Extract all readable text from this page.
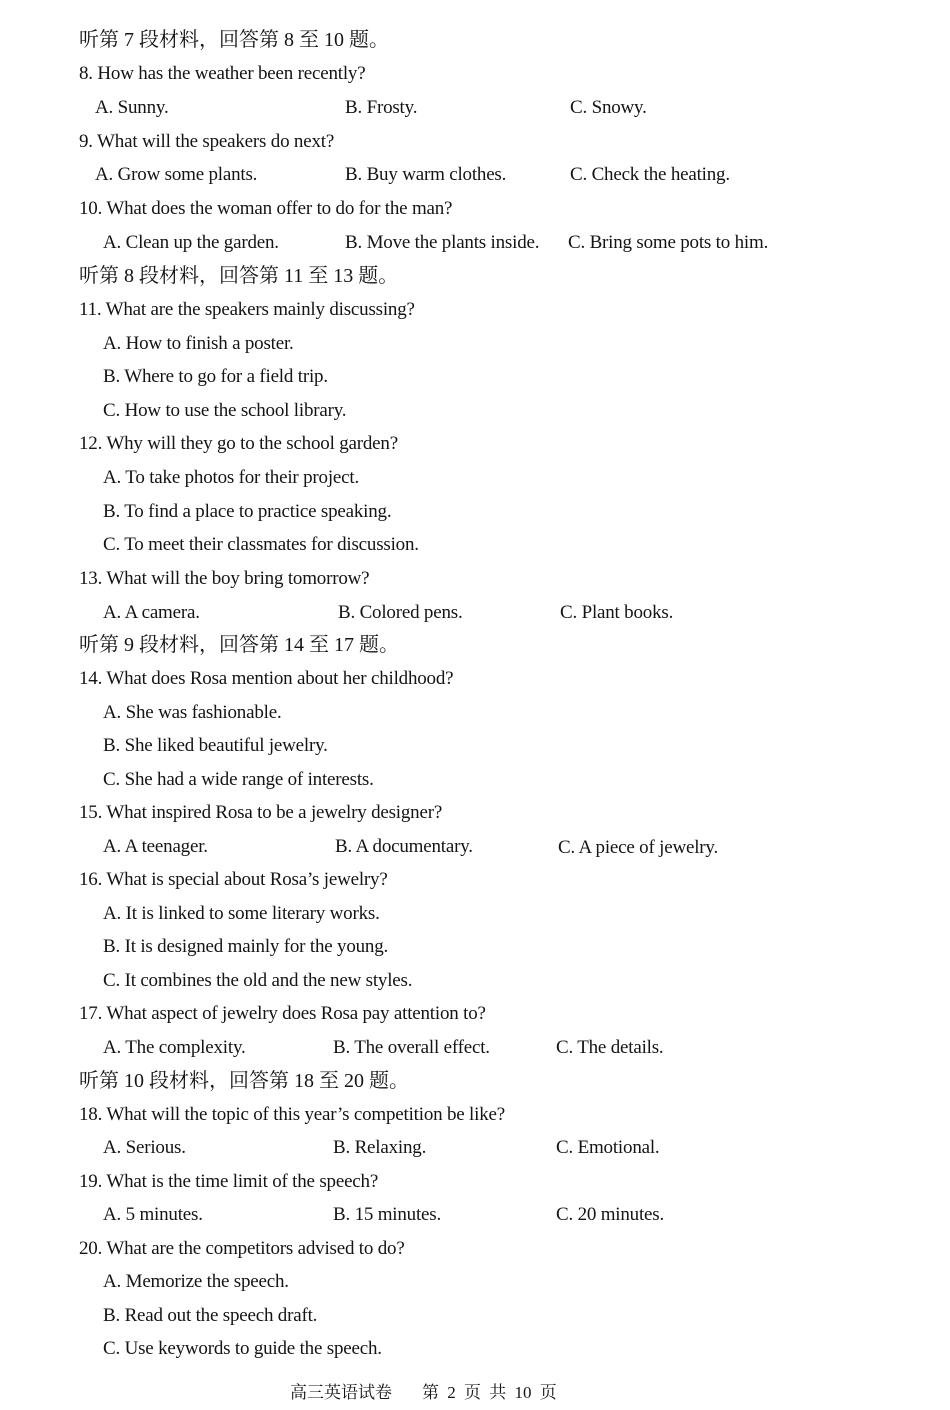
听第 7 段材料，回答第 8 至 10 题。
8. How has the weather been recently?
A. Sunny.	B. Frosty.	C. Snowy.
9. What will the speakers do next?
A. Grow some plants.	B. Buy warm clothes.	C. Check the heating.
10. What does the woman offer to do for the man?
A. Clean up the garden.	B. Move the plants inside. C. Bring some pots to him.
听第 8 段材料，回答第 11 至 13 题。
11. What are the speakers mainly discussing?
A. How to finish a poster.
B. Where to go for a field trip.
C. How to use the school library.
12. Why will they go to the school garden?
A. To take photos for their project.
B. To find a place to practice speaking.
C. To meet their classmates for discussion.
13. What will the boy bring tomorrow?
A. A camera.	B. Colored pens.	C. Plant books.
听第 9 段材料，回答第 14 至 17 题。
14. What does Rosa mention about her childhood?
A. She was fashionable.
B. She liked beautiful jewelry.
C. She had a wide range of interests.
15. What inspired Rosa to be a jewelry designer?
A. A teenager.	B. A documentary.	C. A piece of jewelry.
16. What is special about Rosa’s jewelry?
A. It is linked to some literary works.
B. It is designed mainly for the young.
C. It combines the old and the new styles.
17. What aspect of jewelry does Rosa pay attention to?
A. The complexity.	B. The overall effect.	C. The details.
听第 10 段材料，回答第 18 至 20 题。
18. What will the topic of this year’s competition be like?
A. Serious.	B. Relaxing.	C. Emotional.
19. What is the time limit of the speech?
A. 5 minutes.	B. 15 minutes.	C. 20 minutes.
20. What are the competitors advised to do?
A. Memorize the speech.
B. Read out the speech draft.
C. Use keywords to guide the speech.
高三英语试卷 第 2 页 共 10 页
